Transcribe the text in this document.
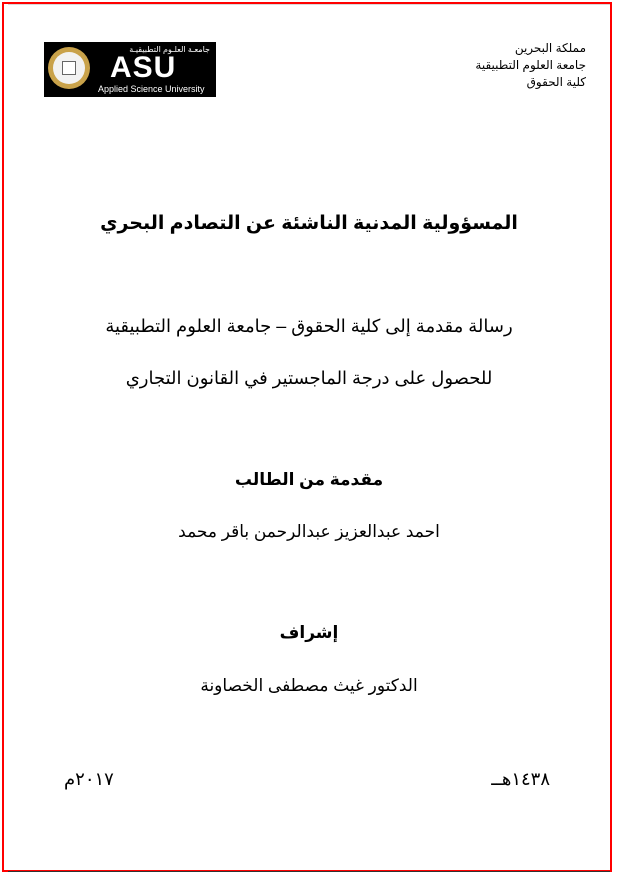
جامعـة العلـوم التطبيقيـة
ASU
Applied Science University
مملكة البحرين
جامعة العلوم التطبيقية
كلية الحقوق
المسؤولية المدنية الناشئة عن التصادم البحري
رسالة مقدمة إلى كلية الحقوق – جامعة العلوم التطبيقية
للحصول على درجة الماجستير في القانون التجاري
مقدمة من الطالب
احمد عبدالعزيز عبدالرحمن باقر محمد
إشراف
الدكتور غيث مصطفى الخصاونة
١٤٣٨هــ
٢٠١٧م
